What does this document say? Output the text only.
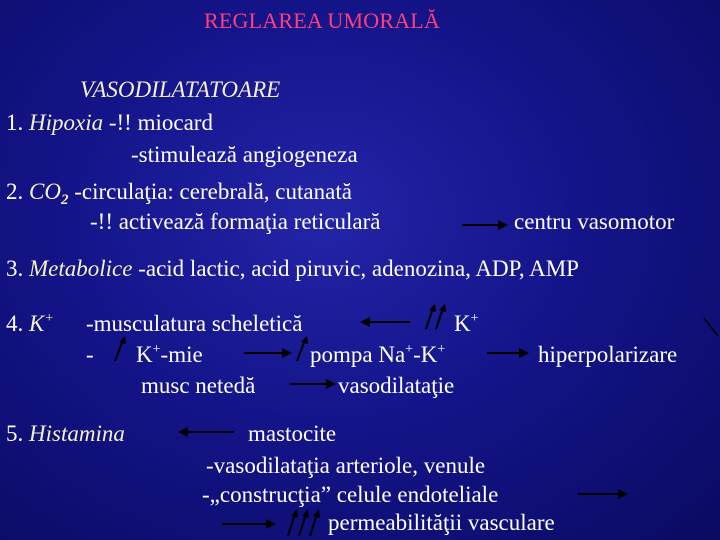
REGLAREA UMORALĂ
VASODILATATOARE
1. Hipoxia -!! miocard
-stimulează angiogeneza
2. $CO_2$ -circulaţia: cerebrală, cutanată
-!! activează formaţia reticulară	centru vasomotor
3. Metabolice -acid lactic, acid piruvic, adenozina, ADP, AMP
4. K+ -musculatura scheletică	K+
- K+-mie	pompa Na+-K+	hiperpolarizare
musc netedă	vasodilataţie
5. Histamina	mastocite
-vasodilataţia arteriole, venule
-„construcţia” celule endoteliale
permeabilităţii vasculare
